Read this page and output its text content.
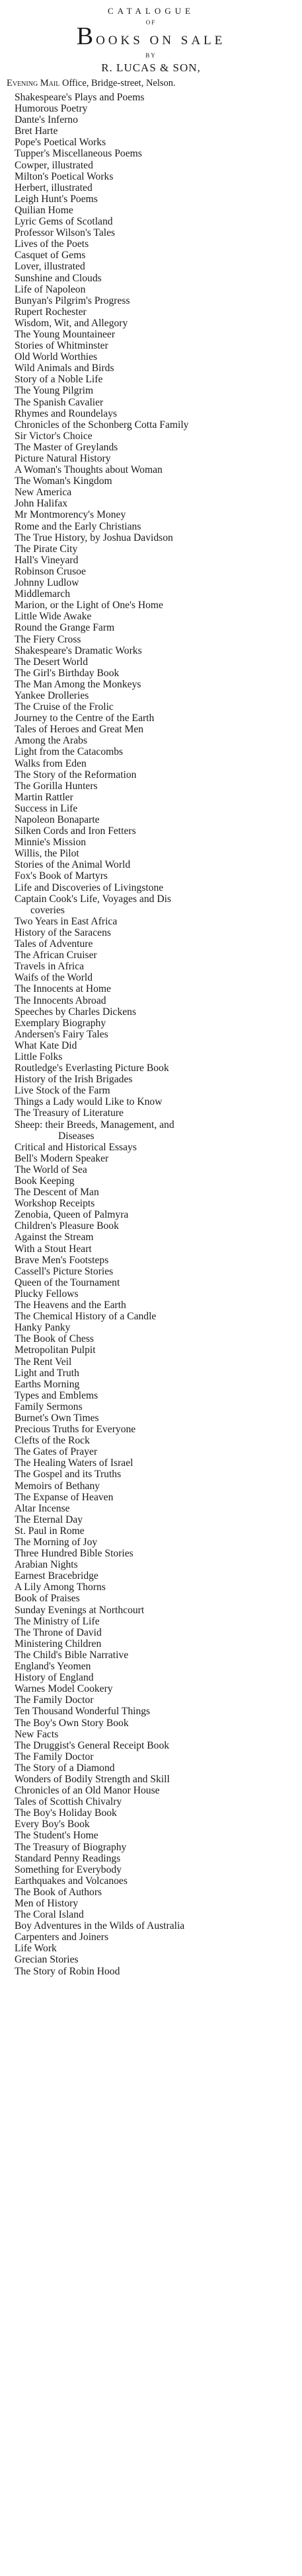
CATALOGUE
OF
B OOKS ON SALE
BY
R. LUCAS & SON,
Evening Mail Office, Bridge-street, Nelson.
Shakespeare's Plays and Poems
Humorous Poetry
Dante's Inferno
Bret Harte
Pope's Poetical Works
Tupper's Miscellaneous Poems
Cowper, illustrated
Milton's Poetical Works
Herbert, illustrated
Leigh Hunt's Poems
Quilian Home
Lyric Gems of Scotland
Professor Wilson's Tales
Lives of the Poets
Casquet of Gems
Lover, illustrated
Sunshine and Clouds
Life of Napoleon
Bunyan's Pilgrim's Progress
Rupert Rochester
Wisdom, Wit, and Allegory
The Young Mountaineer
Stories of Whitminster
Old World Worthies
Wild Animals and Birds
Story of a Noble Life
The Young Pilgrim
The Spanish Cavalier
Rhymes and Roundelays
Chronicles of the Schonberg Cotta Family
Sir Victor's Choice
The Master of Greylands
Picture Natural History
A Woman's Thoughts about Woman
The Woman's Kingdom
New America
John Halifax
Mr Montmorency's Money
Rome and the Early Christians
The True History, by Joshua Davidson
The Pirate City
Hall's Vineyard
Robinson Crusoe
Johnny Ludlow
Middlemarch
Marion, or the Light of One's Home
Little Wide Awake
Round the Grange Farm
The Fiery Cross
Shakespeare's Dramatic Works
The Desert World
The Girl's Birthday Book
The Man Among the Monkeys
Yankee Drolleries
The Cruise of the Frolic
Journey to the Centre of the Earth
Tales of Heroes and Great Men
Among the Arabs
Light from the Catacombs
Walks from Eden
The Story of the Reformation
The Gorilla Hunters
Martin Rattler
Success in Life
Napoleon Bonaparte
Silken Cords and Iron Fetters
Minnie's Mission
Willis, the Pilot
Stories of the Animal World
Fox's Book of Martyrs
Life and Discoveries of Livingstone
Captain Cook's Life, Voyages and Dis
coveries
Two Years in East Africa
History of the Saracens
Tales of Adventure
The African Cruiser
Travels in Africa
Waifs of the World
The Innocents at Home
The Innocents Abroad
Speeches by Charles Dickens
Exemplary Biography
Andersen's Fairy Tales
What Kate Did
Little Folks
Routledge's Everlasting Picture Book
History of the Irish Brigades
Live Stock of the Farm
Things a Lady would Like to Know
The Treasury of Literature
Sheep: their Breeds, Management, and
Diseases
Critical and Historical Essays
Bell's Modern Speaker
The World of Sea
Book Keeping
The Descent of Man
Workshop Receipts
Zenobia, Queen of Palmyra
Children's Pleasure Book
Against the Stream
With a Stout Heart
Brave Men's Footsteps
Cassell's Picture Stories
Queen of the Tournament
Plucky Fellows
The Heavens and the Earth
The Chemical History of a Candle
Hanky Panky
The Book of Chess
Metropolitan Pulpit
The Rent Veil
Light and Truth
Earths Morning
Types and Emblems
Family Sermons
Burnet's Own Times
Precious Truths for Everyone
Clefts of the Rock
The Gates of Prayer
The Healing Waters of Israel
The Gospel and its Truths
Memoirs of Bethany
The Expanse of Heaven
Altar Incense
The Eternal Day
St. Paul in Rome
The Morning of Joy
Three Hundred Bible Stories
Arabian Nights
Earnest Bracebridge
A Lily Among Thorns
Book of Praises
Sunday Evenings at Northcourt
The Ministry of Life
The Throne of David
Ministering Children
The Child's Bible Narrative
England's Yeomen
History of England
Warnes Model Cookery
The Family Doctor
Ten Thousand Wonderful Things
The Boy's Own Story Book
New Facts
The Druggist's General Receipt Book
The Family Doctor
The Story of a Diamond
Wonders of Bodily Strength and Skill
Chronicles of an Old Manor House
Tales of Scottish Chivalry
The Boy's Holiday Book
Every Boy's Book
The Student's Home
The Treasury of Biography
Standard Penny Readings
Something for Everybody
Earthquakes and Volcanoes
The Book of Authors
Men of History
The Coral Island
Boy Adventures in the Wilds of Australia
Carpenters and Joiners
Life Work
Grecian Stories
The Story of Robin Hood
